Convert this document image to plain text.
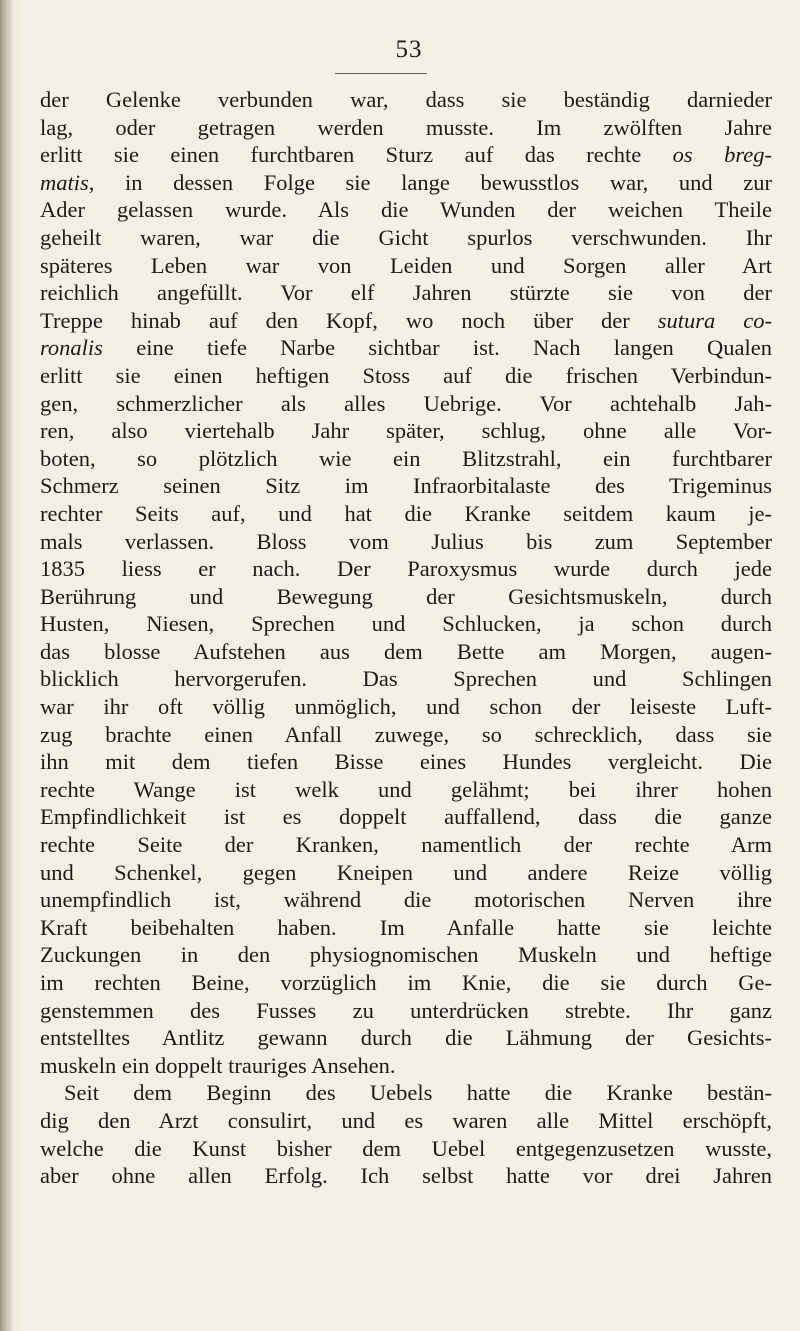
53
der Gelenke verbunden war, dass sie beständig darnieder
lag, oder getragen werden musste. Im zwölften Jahre
erlitt sie einen furchtbaren Sturz auf das rechte os breg-
matis, in dessen Folge sie lange bewusstlos war, und zur
Ader gelassen wurde. Als die Wunden der weichen Theile
geheilt waren, war die Gicht spurlos verschwunden. Ihr
späteres Leben war von Leiden und Sorgen aller Art
reichlich angefüllt. Vor elf Jahren stürzte sie von der
Treppe hinab auf den Kopf, wo noch über der sutura co-
ronalis eine tiefe Narbe sichtbar ist. Nach langen Qualen
erlitt sie einen heftigen Stoss auf die frischen Verbindun-
gen, schmerzlicher als alles Uebrige. Vor achtehalb Jah-
ren, also viertehalb Jahr später, schlug, ohne alle Vor-
boten, so plötzlich wie ein Blitzstrahl, ein furchtbarer
Schmerz seinen Sitz im Infraorbitalaste des Trigeminus
rechter Seits auf, und hat die Kranke seitdem kaum je-
mals verlassen. Bloss vom Julius bis zum September
1835 liess er nach. Der Paroxysmus wurde durch jede
Berührung und Bewegung der Gesichtsmuskeln, durch
Husten, Niesen, Sprechen und Schlucken, ja schon durch
das blosse Aufstehen aus dem Bette am Morgen, augen-
blicklich hervorgerufen. Das Sprechen und Schlingen
war ihr oft völlig unmöglich, und schon der leiseste Luft-
zug brachte einen Anfall zuwege, so schrecklich, dass sie
ihn mit dem tiefen Bisse eines Hundes verglеicht. Die
rechte Wange ist welk und gelähmt; bei ihrer hohen
Empfindlichkeit ist es doppelt auffallend, dass die ganze
rechte Seite der Kranken, namentlich der rechte Arm
und Schenkel, gegen Kneipen und andere Reize völlig
unempfindlich ist, während die motorischen Nerven ihre
Kraft beibehalten haben. Im Anfalle hatte sie leichte
Zuckungen in den physiognomischen Muskeln und heftige
im rechten Beine, vorzüglich im Knie, die sie durch Ge-
genstemmen des Fusses zu unterdrücken strebte. Ihr ganz
entstelltes Antlitz gewann durch die Lähmung der Gesichts-
muskeln ein doppelt trauriges Ansehen.
Seit dem Beginn des Uebels hatte die Kranke bestän-
dig den Arzt consulirt, und es waren alle Mittel erschöpft,
welche die Kunst bisher dem Uebel entgegenzusetzen wusste,
aber ohne allen Erfolg. Ich selbst hatte vor drei Jahren
